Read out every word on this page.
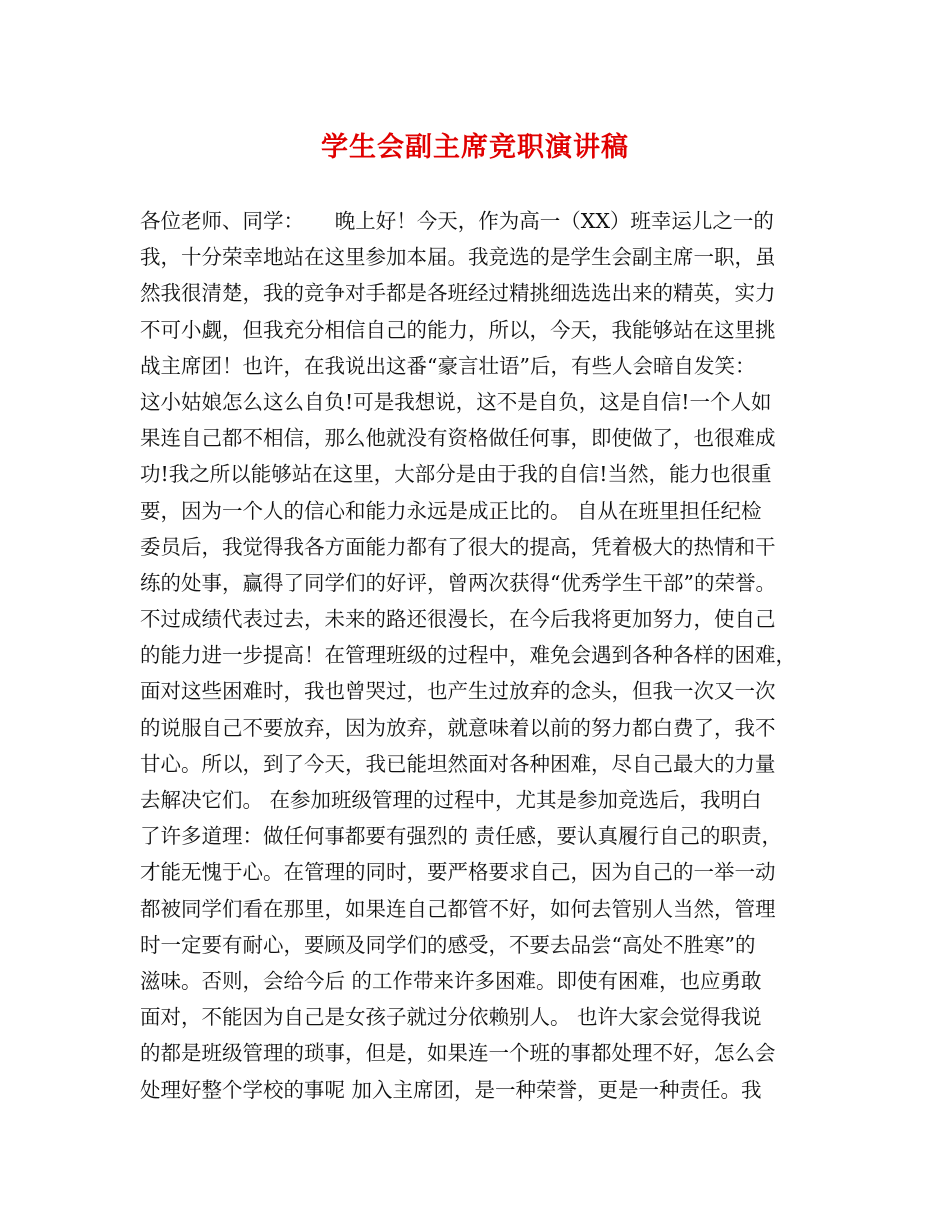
学生会副主席竞职演讲稿
各位老师、同学：　　晚上好！今天，作为高一（XX）班幸运儿之一的
我，十分荣幸地站在这里参加本届。我竞选的是学生会副主席一职，虽
然我很清楚，我的竞争对手都是各班经过精挑细选选出来的精英，实力
不可小觑，但我充分相信自己的能力，所以，今天，我能够站在这里挑
战主席团！也许，在我说出这番“豪言壮语”后，有些人会暗自发笑：
这小姑娘怎么这么自负!可是我想说，这不是自负，这是自信!一个人如
果连自己都不相信，那么他就没有资格做任何事，即使做了，也很难成
功!我之所以能够站在这里，大部分是由于我的自信!当然，能力也很重
要，因为一个人的信心和能力永远是成正比的。 自从在班里担任纪检
委员后，我觉得我各方面能力都有了很大的提高，凭着极大的热情和干
练的处事，赢得了同学们的好评，曾两次获得“优秀学生干部”的荣誉。
不过成绩代表过去，未来的路还很漫长，在今后我将更加努力，使自己
的能力进一步提高！在管理班级的过程中，难免会遇到各种各样的困难，
面对这些困难时，我也曾哭过，也产生过放弃的念头，但我一次又一次
的说服自己不要放弃，因为放弃，就意味着以前的努力都白费了，我不
甘心。所以，到了今天，我已能坦然面对各种困难，尽自己最大的力量
去解决它们。 在参加班级管理的过程中，尤其是参加竞选后，我明白
了许多道理：做任何事都要有强烈的 责任感，要认真履行自己的职责，
才能无愧于心。在管理的同时，要严格要求自己，因为自己的一举一动
都被同学们看在那里，如果连自己都管不好，如何去管别人当然，管理
时一定要有耐心，要顾及同学们的感受，不要去品尝“高处不胜寒”的
滋味。否则，会给今后 的工作带来许多困难。即使有困难，也应勇敢
面对，不能因为自己是女孩子就过分依赖别人。 也许大家会觉得我说
的都是班级管理的琐事，但是，如果连一个班的事都处理不好，怎么会
处理好整个学校的事呢 加入主席团，是一种荣誉，更是一种责任。我
